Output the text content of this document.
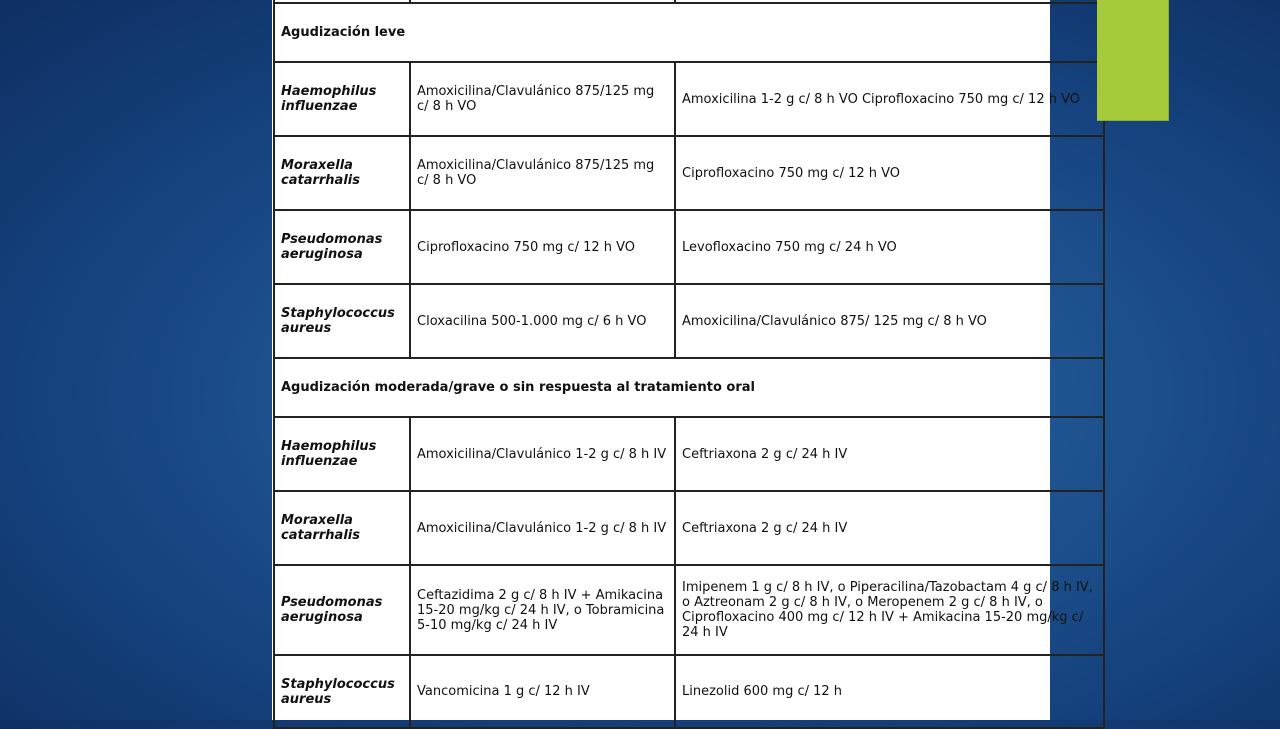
Agudización leve		
Haemophilus influenzae	Amoxicilina/Clavulánico 875/125 mg c/ 8 h VO	Amoxicilina 1-2 g c/ 8 h VO Ciprofloxacino 750 mg c/ 12 h VO
Moraxella catarrhalis	Amoxicilina/Clavulánico 875/125 mg c/ 8 h VO	Ciprofloxacino 750 mg c/ 12 h VO
Pseudomonas aeruginosa	Ciprofloxacino 750 mg c/ 12 h VO	Levofloxacino 750 mg c/ 24 h VO
Staphylococcus aureus	Cloxacilina 500-1.000 mg c/ 6 h VO	Amoxicilina/Clavulánico 875/ 125 mg c/ 8 h VO
Agudización moderada/grave o sin respuesta al tratamiento oral		
Haemophilus influenzae	Amoxicilina/Clavulánico 1-2 g c/ 8 h IV	Ceftriaxona 2 g c/ 24 h IV
Moraxella catarrhalis	Amoxicilina/Clavulánico 1-2 g c/ 8 h IV	Ceftriaxona 2 g c/ 24 h IV
Pseudomonas aeruginosa	Ceftazidima 2 g c/ 8 h IV + Amikacina 15-20 mg/kg c/ 24 h IV, o Tobramicina 5-10 mg/kg c/ 24 h IV	Imipenem 1 g c/ 8 h IV, o Piperacilina/Tazobactam 4 g c/ 8 h IV, o Aztreonam 2 g c/ 8 h IV, o Meropenem 2 g c/ 8 h IV, o Ciprofloxacino 400 mg c/ 12 h IV + Amikacina 15-20 mg/kg c/ 24 h IV
Staphylococcus aureus	Vancomicina 1 g c/ 12 h IV	Linezolid 600 mg c/ 12 h
